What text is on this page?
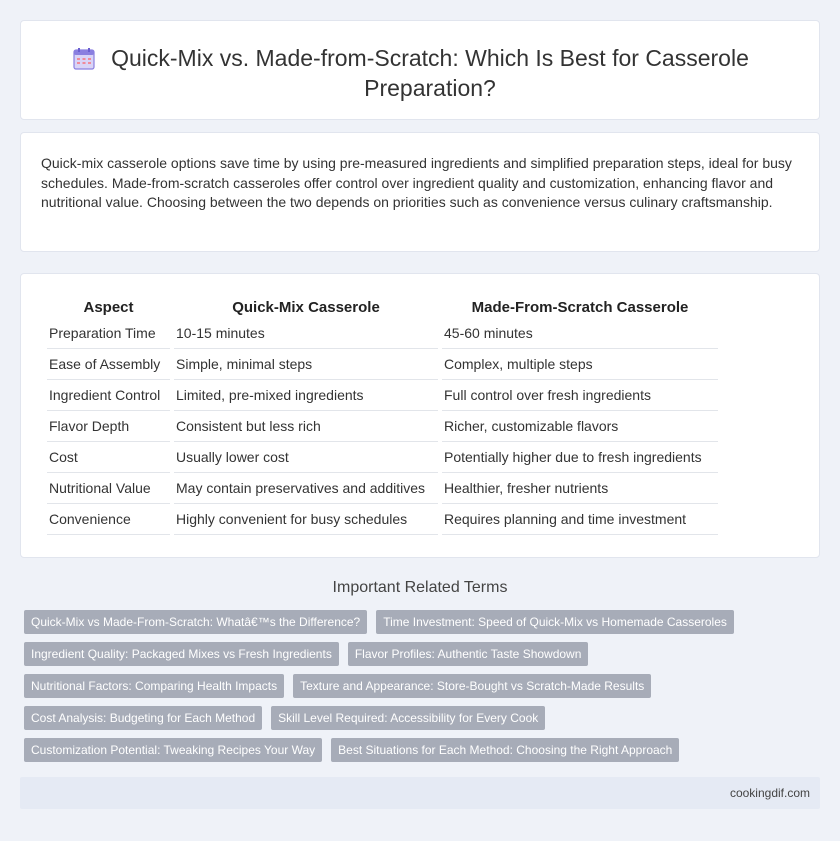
Quick-Mix vs. Made-from-Scratch: Which Is Best for Casserole Preparation?

Quick-mix casserole options save time by using pre-measured ingredients and simplified preparation steps, ideal for busy schedules. Made-from-scratch casseroles offer control over ingredient quality and customization, enhancing flavor and nutritional value. Choosing between the two depends on priorities such as convenience versus culinary craftsmanship.

Aspect	Quick-Mix Casserole	Made-From-Scratch Casserole
Preparation Time	10-15 minutes	45-60 minutes
Ease of Assembly	Simple, minimal steps	Complex, multiple steps
Ingredient Control	Limited, pre-mixed ingredients	Full control over fresh ingredients
Flavor Depth	Consistent but less rich	Richer, customizable flavors
Cost	Usually lower cost	Potentially higher due to fresh ingredients
Nutritional Value	May contain preservatives and additives	Healthier, fresher nutrients
Convenience	Highly convenient for busy schedules	Requires planning and time investment
Important Related Terms
Quick-Mix vs Made-From-Scratch: Whatâ€™s the Difference?	Time Investment: Speed of Quick-Mix vs Homemade Casseroles
Ingredient Quality: Packaged Mixes vs Fresh Ingredients	Flavor Profiles: Authentic Taste Showdown
Nutritional Factors: Comparing Health Impacts	Texture and Appearance: Store-Bought vs Scratch-Made Results
Cost Analysis: Budgeting for Each Method	Skill Level Required: Accessibility for Every Cook
Customization Potential: Tweaking Recipes Your Way	Best Situations for Each Method: Choosing the Right Approach
cookingdif.com
